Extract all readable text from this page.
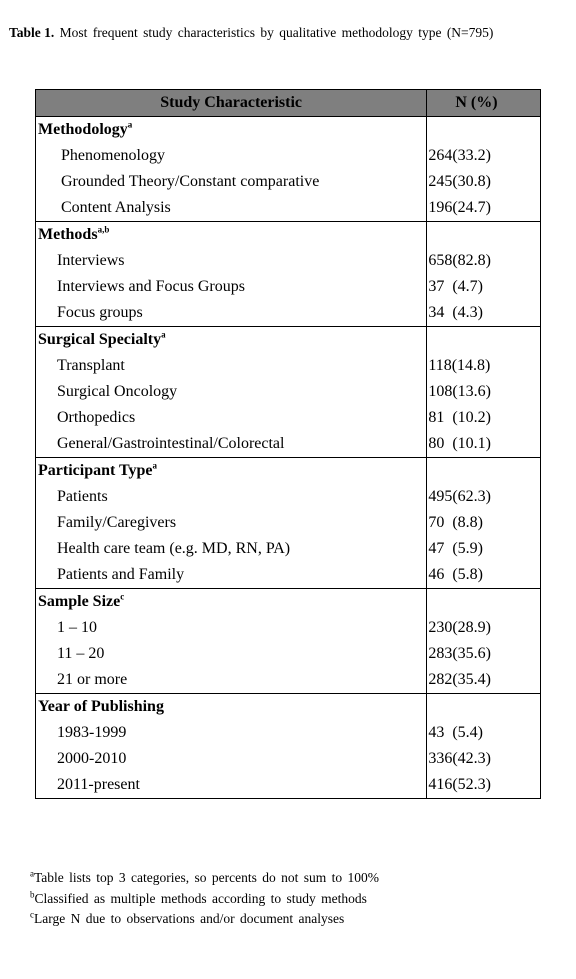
Table 1. Most frequent study characteristics by qualitative methodology type (N=795)
Study Characteristic	N (%)
Methodology$^a$	
Phenomenology	264(33.2)
Grounded Theory/Constant comparative	245(30.8)
Content Analysis	196(24.7)
Methods$^{a,b}$	
Interviews	658(82.8)
Interviews and Focus Groups	37  (4.7)
Focus groups	34  (4.3)
Surgical Specialty$^a$	
Transplant	118(14.8)
Surgical Oncology	108(13.6)
Orthopedics	81  (10.2)
General/Gastrointestinal/Colorectal	80  (10.1)
Participant Type$^a$	
Patients	495(62.3)
Family/Caregivers	70  (8.8)
Health care team (e.g. MD, RN, PA)	47  (5.9)
Patients and Family	46  (5.8)
Sample Size$^c$	
1 – 10	230(28.9)
11 – 20	283(35.6)
21 or more	282(35.4)
Year of Publishing	
1983-1999	43  (5.4)
2000-2010	336(42.3)
2011-present	416(52.3)
$^a$Table lists top 3 categories, so percents do not sum to 100%
$^b$Classified as multiple methods according to study methods
$^c$Large N due to observations and/or document analyses
